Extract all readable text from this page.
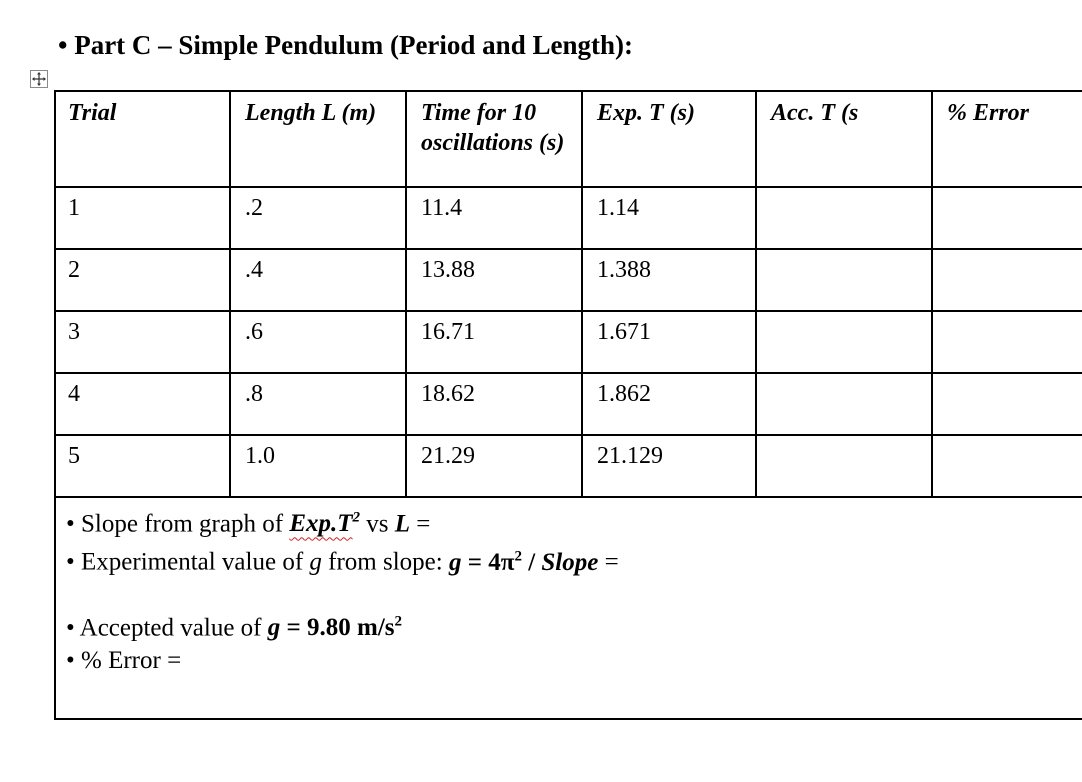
• Part C – Simple Pendulum (Period and Length):
Trial	Length L (m)	Time for 10 oscillations (s)	Exp. T (s)	Acc. T (s	% Error

1	.2	11.4	1.14		

2	.4	13.88	1.388		

3	.6	16.71	1.671		

4	.8	18.62	1.862		

5	1.0	21.29	21.129		

• Slope from graph of $Exp.T^2$ vs L =
• Experimental value of g from slope: $g = 4\pi^2$ / Slope =
• Accepted value of g = 9.80 $m/s^2$
• % Error =
